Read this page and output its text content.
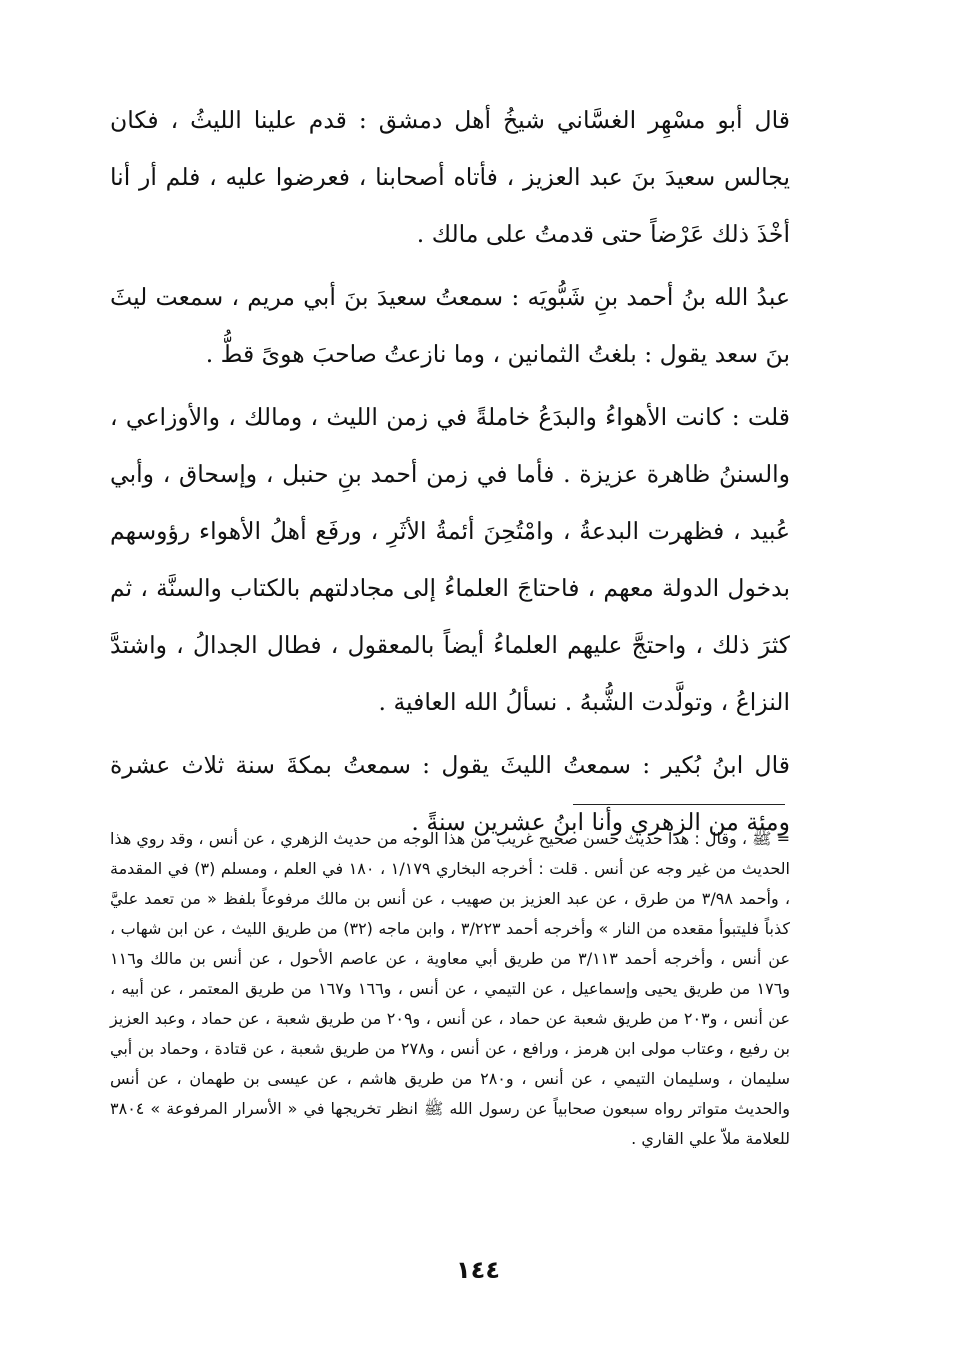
قال أبو مسْهِر الغسَّاني شيخُ أهل دمشق : قدم علينا الليثُ ، فكان يجالس سعيدَ بنَ عبد العزيز ، فأتاه أصحابنا ، فعرضوا عليه ، فلم أر أنا أخْذَ ذلك عَرْضاً حتى قدمتُ على مالك .

عبدُ الله بنُ أحمد بنِ شَبُّويَه : سمعتُ سعيدَ بنَ أبي مريم ، سمعت ليثَ بنَ سعد يقول : بلغتُ الثمانين ، وما نازعتُ صاحبَ هوىً قطُّ .

قلت : كانت الأهواءُ والبدَعُ خاملةً في زمن الليث ، ومالك ، والأوزاعي ، والسننُ ظاهرة عزيزة . فأما في زمن أحمد بنِ حنبل ، وإسحاق ، وأبي عُبيد ، فظهرت البدعةُ ، وامْتُحِنَ أئمةُ الأثَرِ ، ورفَع أهلُ الأهواء رؤوسهم بدخول الدولة معهم ، فاحتاجَ العلماءُ إلى مجادلتهم بالكتاب والسنَّة ، ثم كثرَ ذلك ، واحتجَّ عليهم العلماءُ أيضاً بالمعقول ، فطال الجدالُ ، واشتدَّ النزاعُ ، وتولَّدت الشُّبهُ . نسألُ الله العافية .

قال ابنُ بُكير : سمعتُ الليثَ يقول : سمعتُ بمكةَ سنة ثلاث عشرة ومئة من الزهري وأنا ابنُ عشرين سنةً .

= ﷺ ، وقال : هذا حديث حسن صحيح غريب من هذا الوجه من حديث الزهري ، عن أنس ، وقد روي هذا الحديث من غير وجه عن أنس . قلت : أخرجه البخاري ١/١٧٩ ، ١٨٠ في العلم ، ومسلم (٣) في المقدمة ، وأحمد ٣/٩٨ من طرق ، عن عبد العزيز بن صهيب ، عن أنس بن مالك مرفوعاً بلفظ « من تعمد عليَّ كذباً فليتبوأ مقعده من النار » وأخرجه أحمد ٣/٢٢٣ ، وابن ماجه (٣٢) من طريق الليث ، عن ابن شهاب ، عن أنس ، وأخرجه أحمد ٣/١١٣ من طريق أبي معاوية ، عن عاصم الأحول ، عن أنس بن مالك و١١٦ و١٧٦ من طريق يحيى وإسماعيل ، عن التيمي ، عن أنس ، و١٦٦ و١٦٧ من طريق المعتمر ، عن أبيه ، عن أنس ، و٢٠٣ من طريق شعبة عن حماد ، عن أنس ، و٢٠٩ من طريق شعبة ، عن حماد ، وعبد العزيز بن رفيع ، وعتاب مولى ابن هرمز ، ورافع ، عن أنس ، و٢٧٨ من طريق شعبة ، عن قتادة ، وحماد بن أبي سليمان ، وسليمان التيمي ، عن أنس ، و٢٨٠ من طريق هاشم ، عن عيسى بن طهمان ، عن أنس والحديث متواتر رواه سبعون صحابياً عن رسول الله ﷺ انظر تخريجها في « الأسرار المرفوعة » ٣٨٠٤ للعلامة ملاّ علي القاري .
١٤٤
